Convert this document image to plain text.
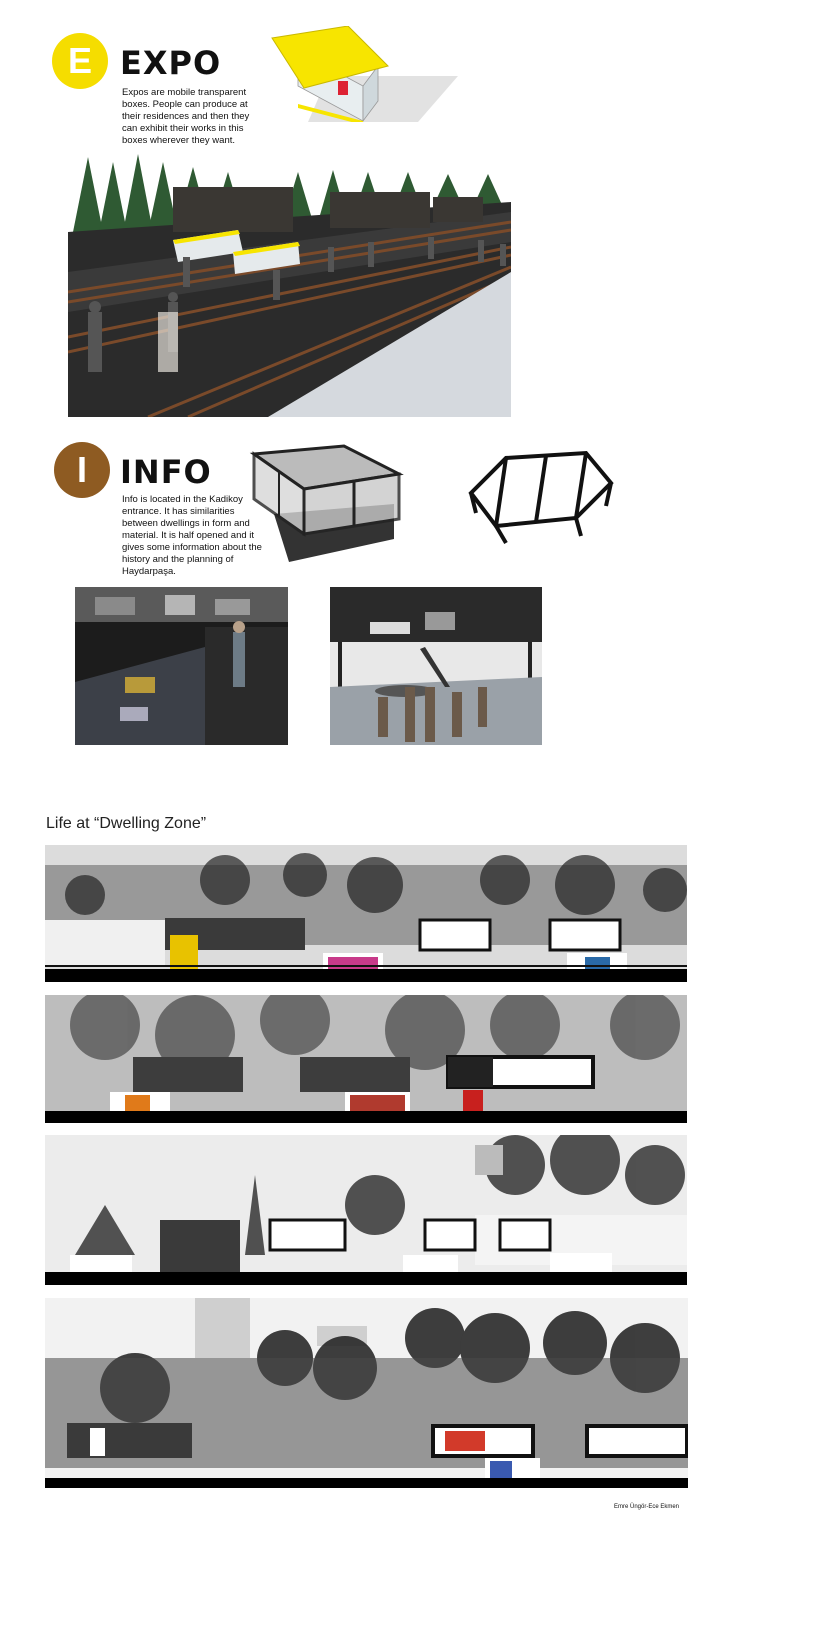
E EXPO
Expos are mobile transparent boxes. People can produce at their residences and then they can exhibit their works in this boxes wherever they want.
I INFO
Info is located in the Kadikoy entrance. It has similarities between dwellings in form and material. It is half opened and it gives some information about the history and the planning of Haydarpaşa.
Life at “Dwelling Zone”
Emre Üngör-Ece Ekmen
